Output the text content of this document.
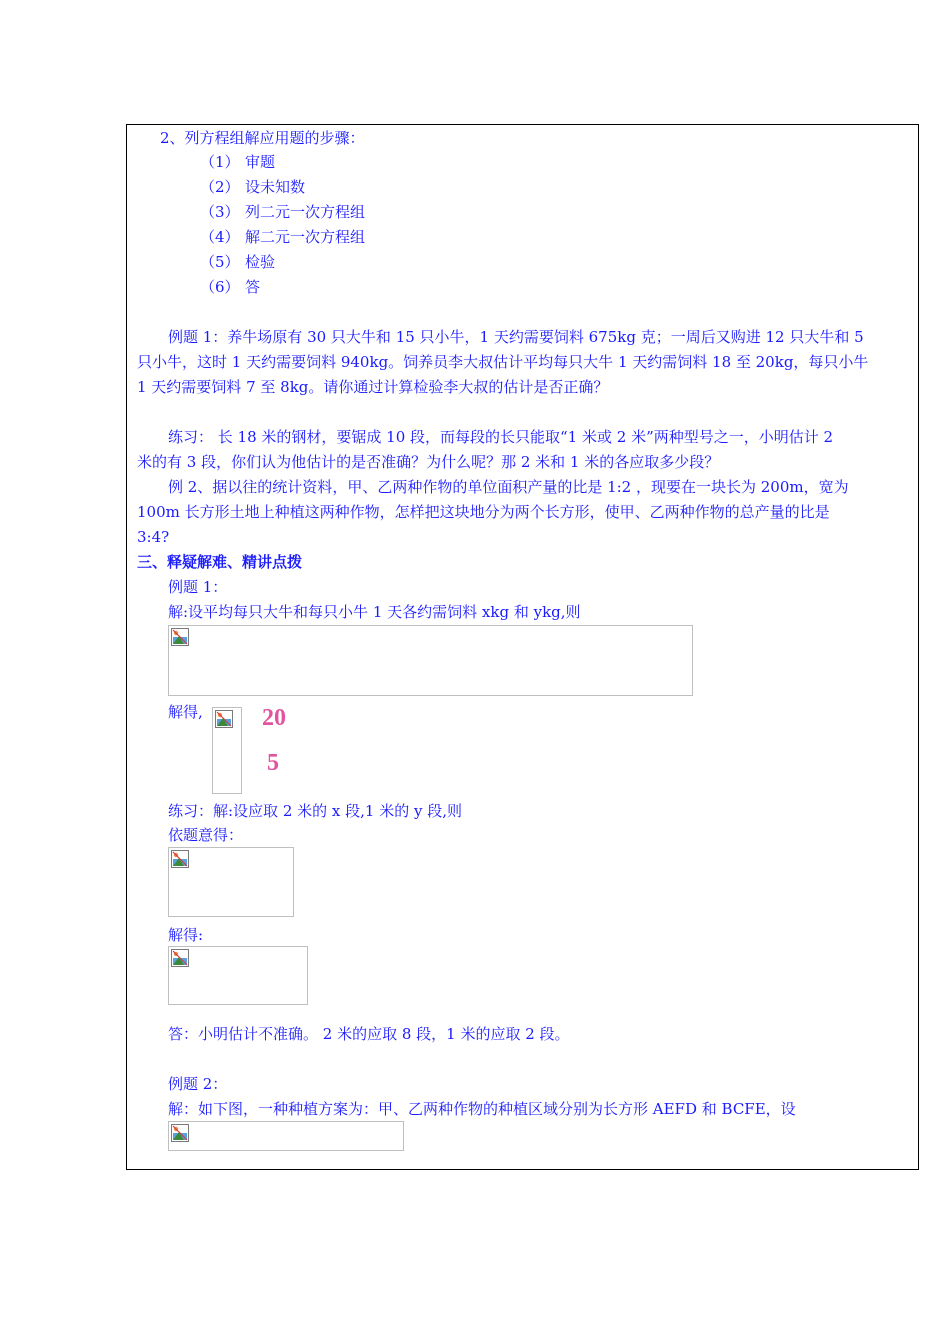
2、列方程组解应用题的步骤：
（1） 审题
（2） 设未知数
（3） 列二元一次方程组
（4） 解二元一次方程组
（5） 检验
（6） 答
例题 1：养牛场原有 30 只大牛和 15 只小牛，1 天约需要饲料 675kg 克；一周后又购进 12 只大牛和 5
只小牛，这时 1 天约需要饲料 940kg。饲养员李大叔估计平均每只大牛 1 天约需饲料 18 至 20kg，每只小牛
1 天约需要饲料 7 至 8kg。请你通过计算检验李大叔的估计是否正确？
练习： 长 18 米的钢材，要锯成 10 段，而每段的长只能取“1 米或 2 米”两种型号之一，小明估计 2
米的有 3 段，你们认为他估计的是否准确？为什么呢？那 2 米和 1 米的各应取多少段？
例 2、据以往的统计资料，甲、乙两种作物的单位面积产量的比是 1:2 ，现要在一块长为 200m，宽为
100m 长方形土地上种植这两种作物，怎样把这块地分为两个长方形，使甲、乙两种作物的总产量的比是
3:4?
三、释疑解难、精讲点拨
例题 1：
解:设平均每只大牛和每只小牛 1 天各约需饲料 xkg 和 ykg,则
解得, 20
5
练习：解:设应取 2 米的 x 段,1 米的 y 段,则
依题意得：
解得:
答：小明估计不准确。 2 米的应取 8 段，1 米的应取 2 段。
例题 2：
解：如下图，一种种植方案为：甲、乙两种作物的种植区域分别为长方形 AEFD 和 BCFE，设
